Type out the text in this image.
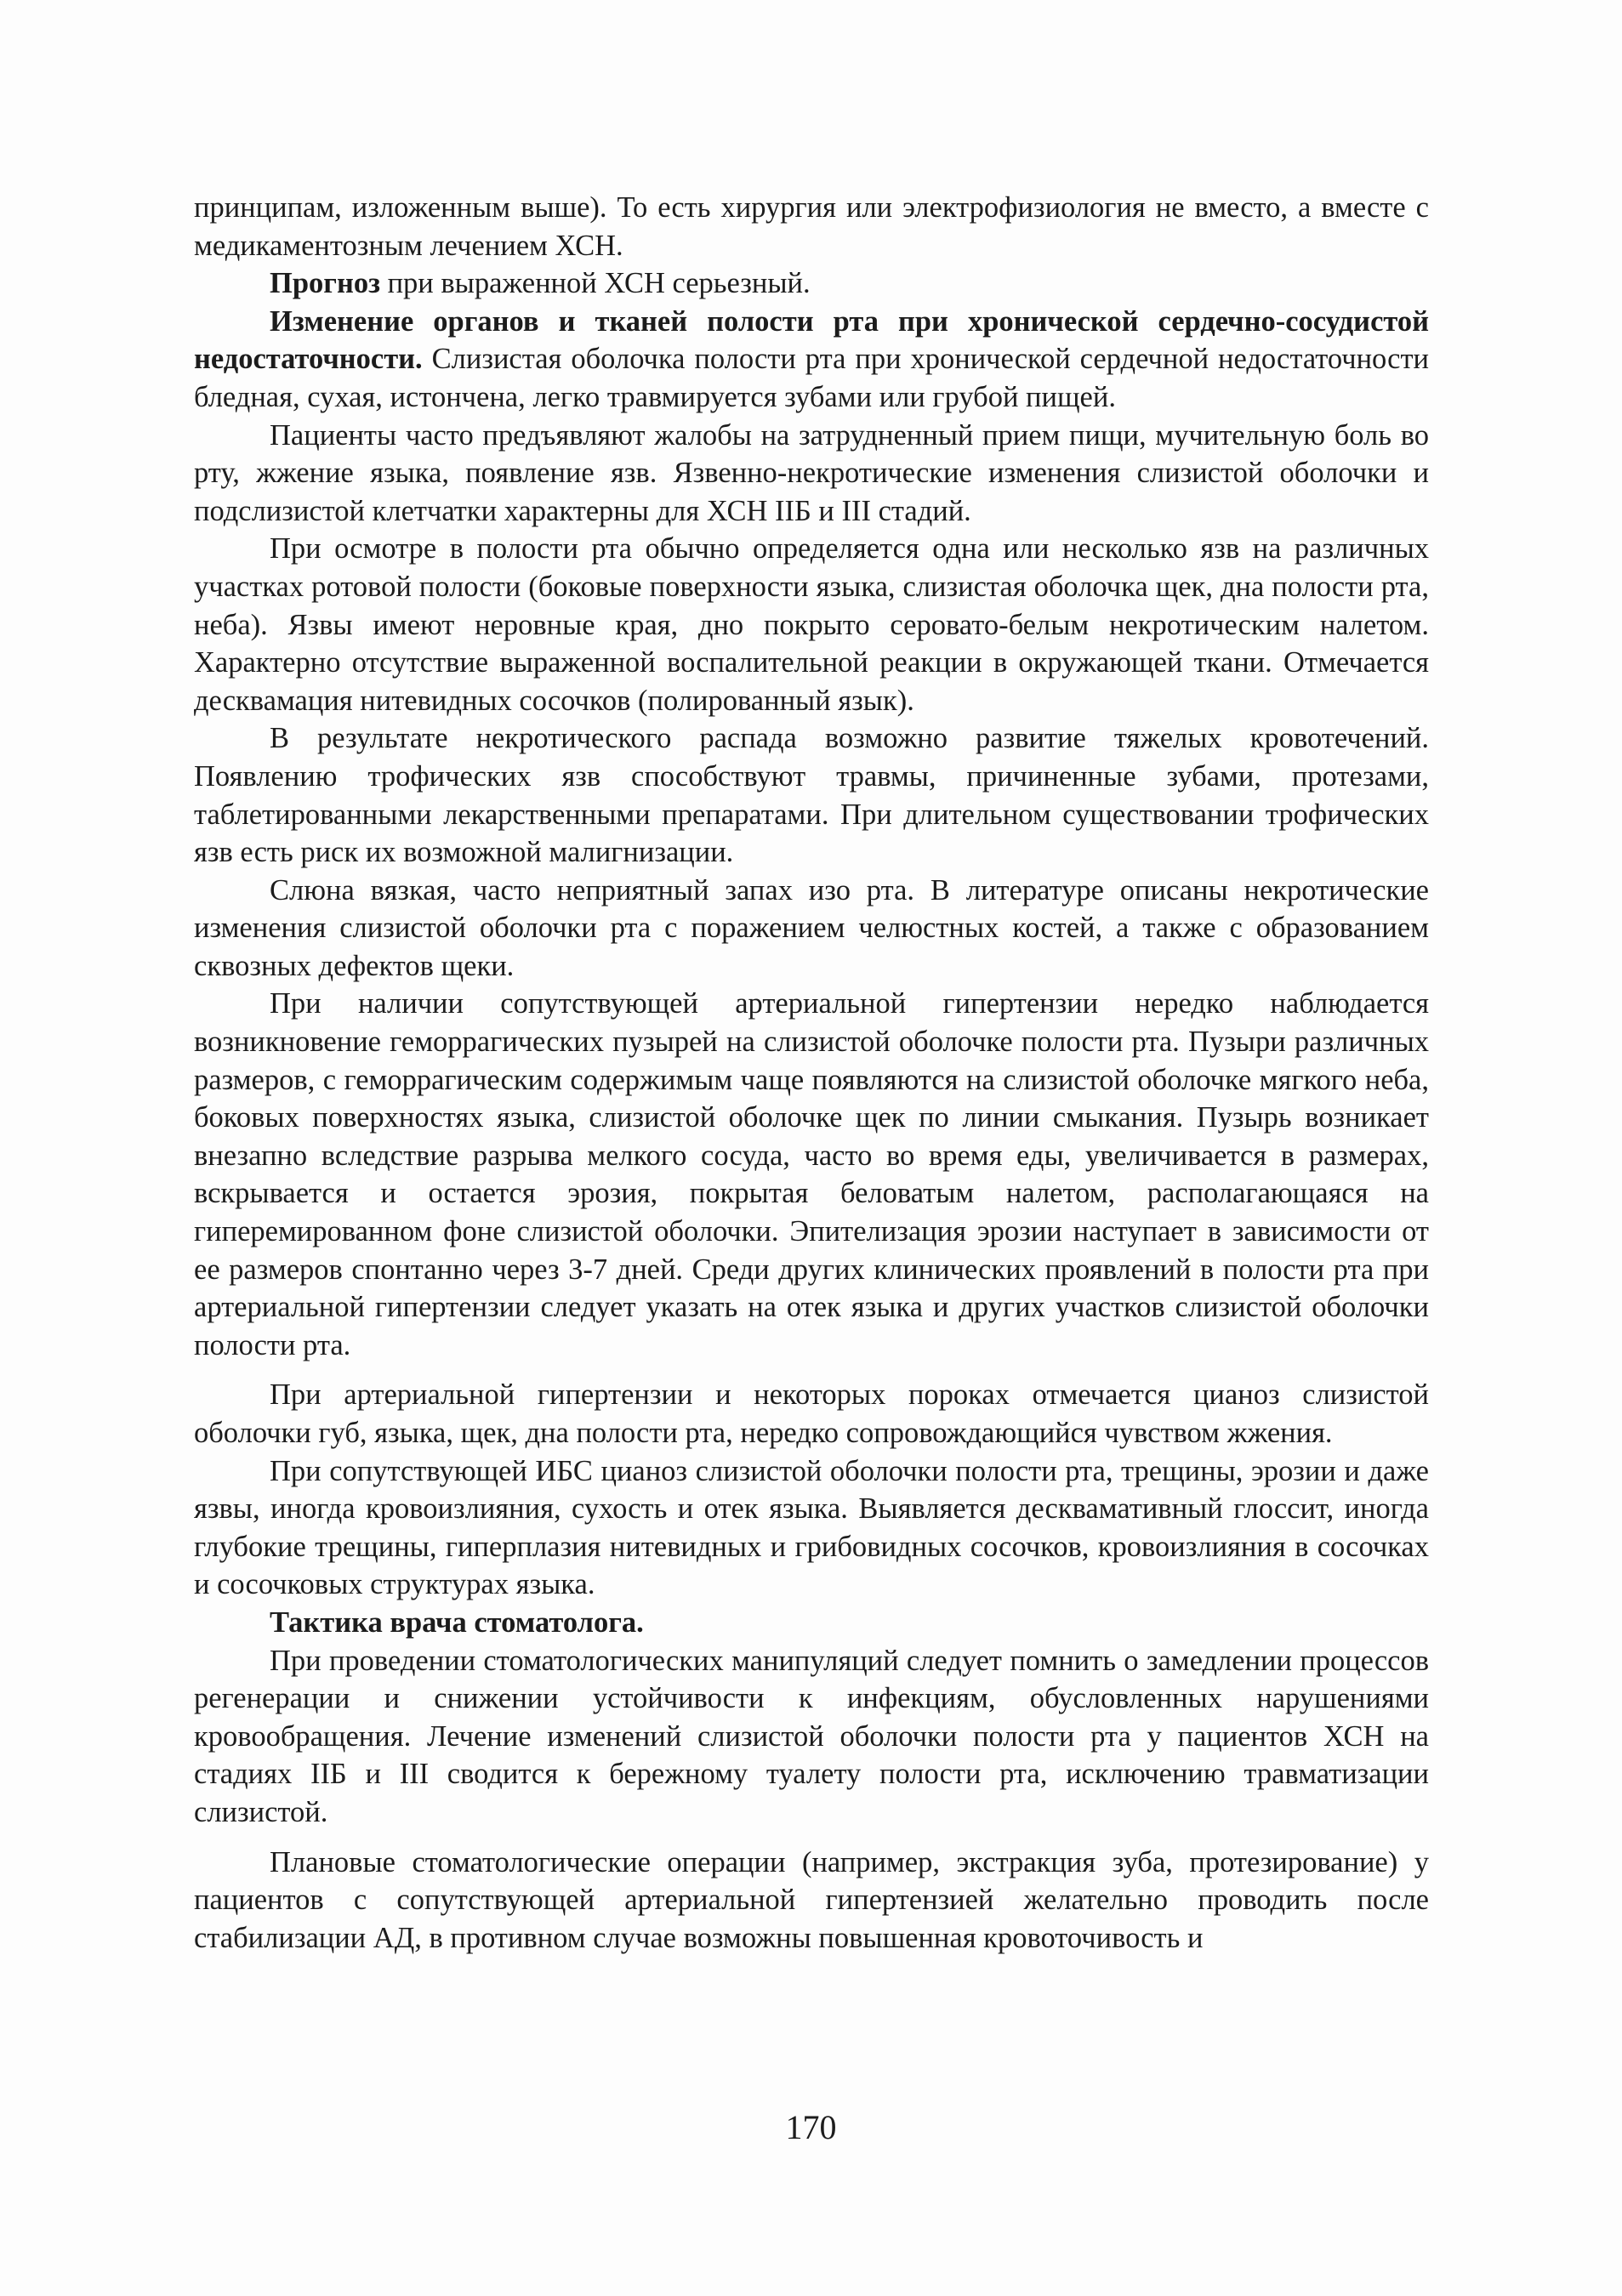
принципам, изложенным выше). То есть хирургия или электрофизиология не вместо, а вместе с медикаментозным лечением ХСН.

Прогноз при выраженной ХСН серьезный.

Изменение органов и тканей полости рта при хронической сердечно-сосудистой недостаточности. Слизистая оболочка полости рта при хронической сердечной недостаточности бледная, сухая, истончена, легко травмируется зубами или грубой пищей.

Пациенты часто предъявляют жалобы на затрудненный прием пищи, мучительную боль во рту, жжение языка, появление язв. Язвенно-некротические изменения слизистой оболочки и подслизистой клетчатки характерны для ХСН IIБ и III стадий.

При осмотре в полости рта обычно определяется одна или несколько язв на различных участках ротовой полости (боковые поверхности языка, слизистая оболочка щек, дна полости рта, неба). Язвы имеют неровные края, дно покрыто серовато-белым некротическим налетом. Характерно отсутствие выраженной воспалительной реакции в окружающей ткани. Отмечается десквамация нитевидных сосочков (полированный язык).

В результате некротического распада возможно развитие тяжелых кровотечений. Появлению трофических язв способствуют травмы, причиненные зубами, протезами, таблетированными лекарственными препаратами. При длительном существовании трофических язв есть риск их возможной малигнизации.

Слюна вязкая, часто неприятный запах изо рта. В литературе описаны некротические изменения слизистой оболочки рта с поражением челюстных костей, а также с образованием сквозных дефектов щеки.

При наличии сопутствующей артериальной гипертензии нередко наблюдается возникновение геморрагических пузырей на слизистой оболочке полости рта. Пузыри различных размеров, с геморрагическим содержимым чаще появляются на слизистой оболочке мягкого неба, боковых поверхностях языка, слизистой оболочке щек по линии смыкания. Пузырь возникает внезапно вследствие разрыва мелкого сосуда, часто во время еды, увеличивается в размерах, вскрывается и остается эрозия, покрытая беловатым налетом, располагающаяся на гиперемированном фоне слизистой оболочки. Эпителизация эрозии наступает в зависимости от ее размеров спонтанно через 3-7 дней. Среди других клинических проявлений в полости рта при артериальной гипертензии следует указать на отек языка и других участков слизистой оболочки полости рта.

При артериальной гипертензии и некоторых пороках отмечается цианоз слизистой оболочки губ, языка, щек, дна полости рта, нередко сопровождающийся чувством жжения.

При сопутствующей ИБС цианоз слизистой оболочки полости рта, трещины, эрозии и даже язвы, иногда кровоизлияния, сухость и отек языка. Выявляется десквамативный глоссит, иногда глубокие трещины, гиперплазия нитевидных и грибовидных сосочков, кровоизлияния в сосочках и сосочковых структурах языка.

Тактика врача стоматолога.

При проведении стоматологических манипуляций следует помнить о замедлении процессов регенерации и снижении устойчивости к инфекциям, обусловленных нарушениями кровообращения. Лечение изменений слизистой оболочки полости рта у пациентов ХСН на стадиях IIБ и III сводится к бережному туалету полости рта, исключению травматизации слизистой.

Плановые стоматологические операции (например, экстракция зуба, протезирование) у пациентов с сопутствующей артериальной гипертензией желательно проводить после стабилизации АД, в противном случае возможны повышенная кровоточивость и

170
